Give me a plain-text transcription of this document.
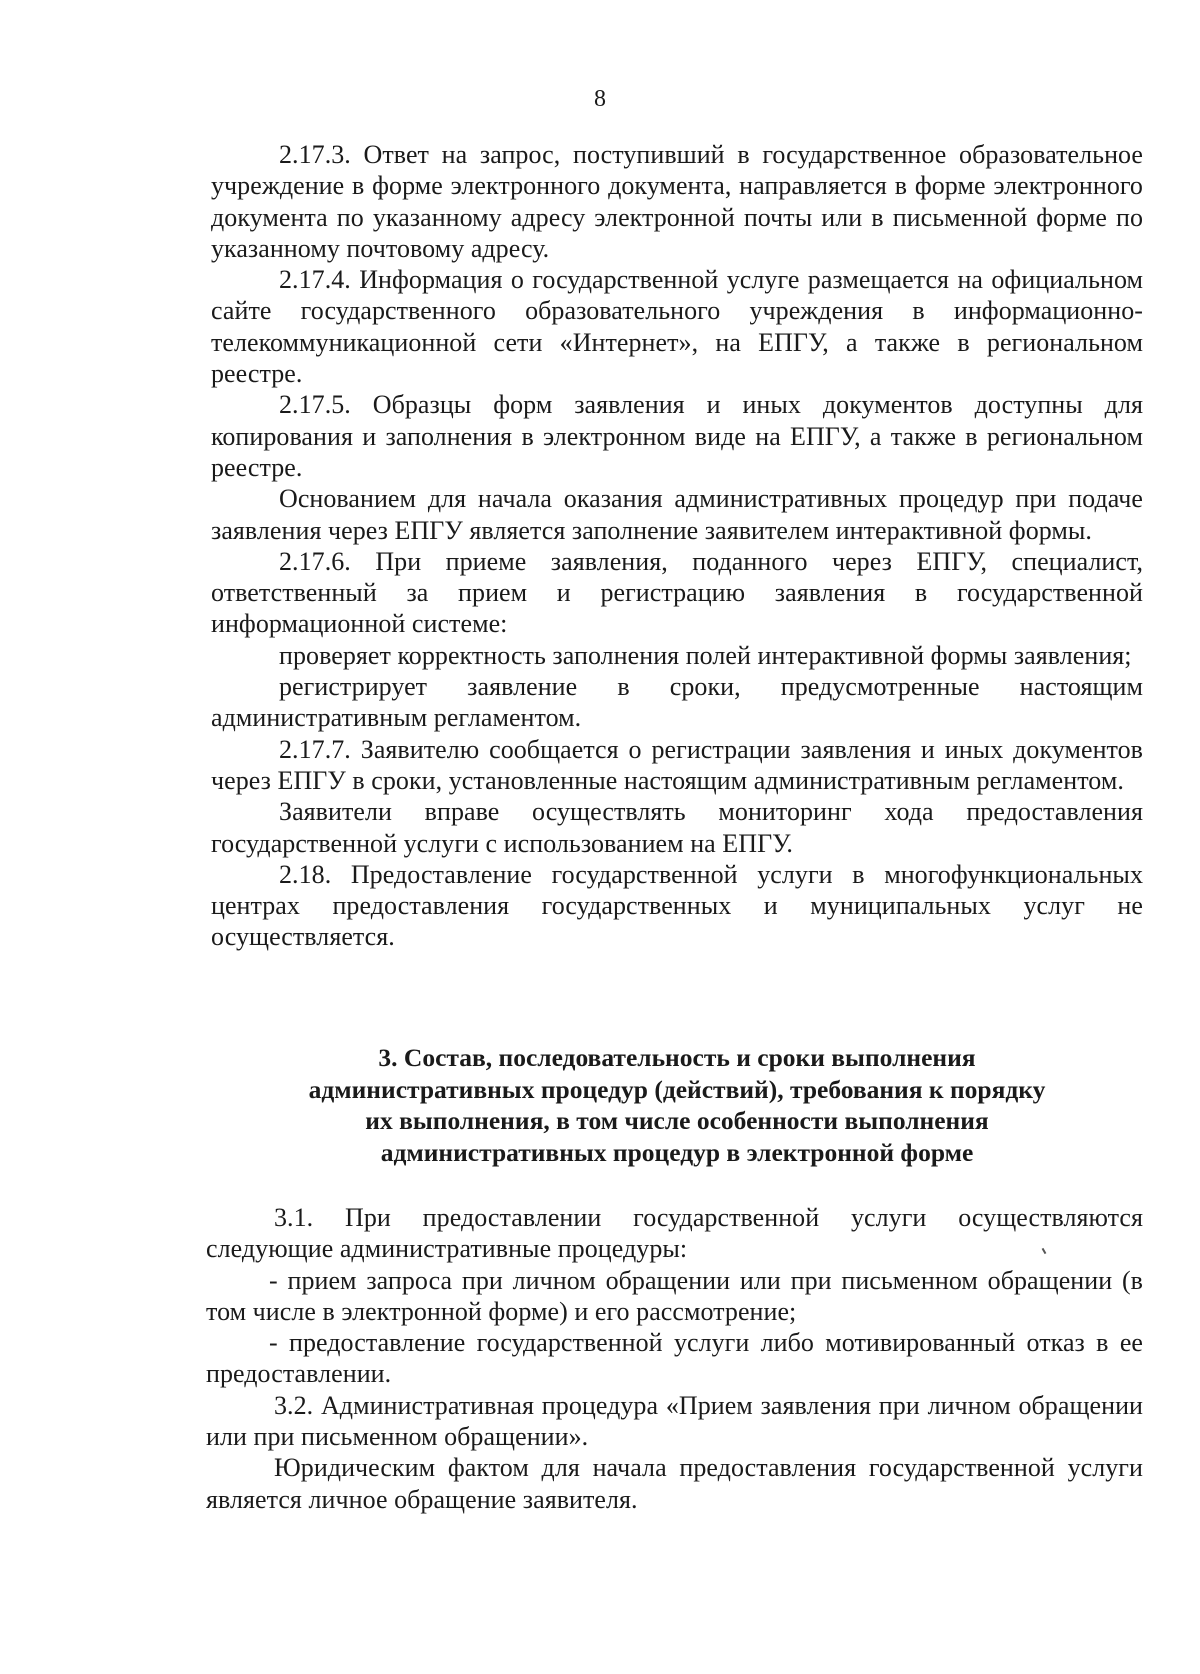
8

2.17.3. Ответ на запрос, поступивший в государственное образовательное учреждение в форме электронного документа, направляется в форме электронного документа по указанному адресу электронной почты или в письменной форме по указанному почтовому адресу.

2.17.4. Информация о государственной услуге размещается на официальном сайте государственного образовательного учреждения в информационно-телекоммуникационной сети «Интернет», на ЕПГУ, а также в региональном реестре.

2.17.5. Образцы форм заявления и иных документов доступны для копирования и заполнения в электронном виде на ЕПГУ, а также в региональном реестре.

Основанием для начала оказания административных процедур при подаче заявления через ЕПГУ является заполнение заявителем интерактивной формы.

2.17.6. При приеме заявления, поданного через ЕПГУ, специалист, ответственный за прием и регистрацию заявления в государственной информационной системе:

проверяет корректность заполнения полей интерактивной формы заявления;

регистрирует заявление в сроки, предусмотренные настоящим административным регламентом.

2.17.7. Заявителю сообщается о регистрации заявления и иных документов через ЕПГУ в сроки, установленные настоящим административным регламентом.

Заявители вправе осуществлять мониторинг хода предоставления государственной услуги с использованием на ЕПГУ.

2.18. Предоставление государственной услуги в многофункциональных центрах предоставления государственных и муниципальных услуг не осуществляется.

3. Состав, последовательность и сроки выполнения
административных процедур (действий), требования к порядку
их выполнения, в том числе особенности выполнения
административных процедур в электронной форме

3.1. При предоставлении государственной услуги осуществляются следующие административные процедуры:

- прием запроса при личном обращении или при письменном обращении (в том числе в электронной форме) и его рассмотрение;

- предоставление государственной услуги либо мотивированный отказ в ее предоставлении.

3.2. Административная процедура «Прием заявления при личном обращении или при письменном обращении».

Юридическим фактом для начала предоставления государственной услуги является личное обращение заявителя.
